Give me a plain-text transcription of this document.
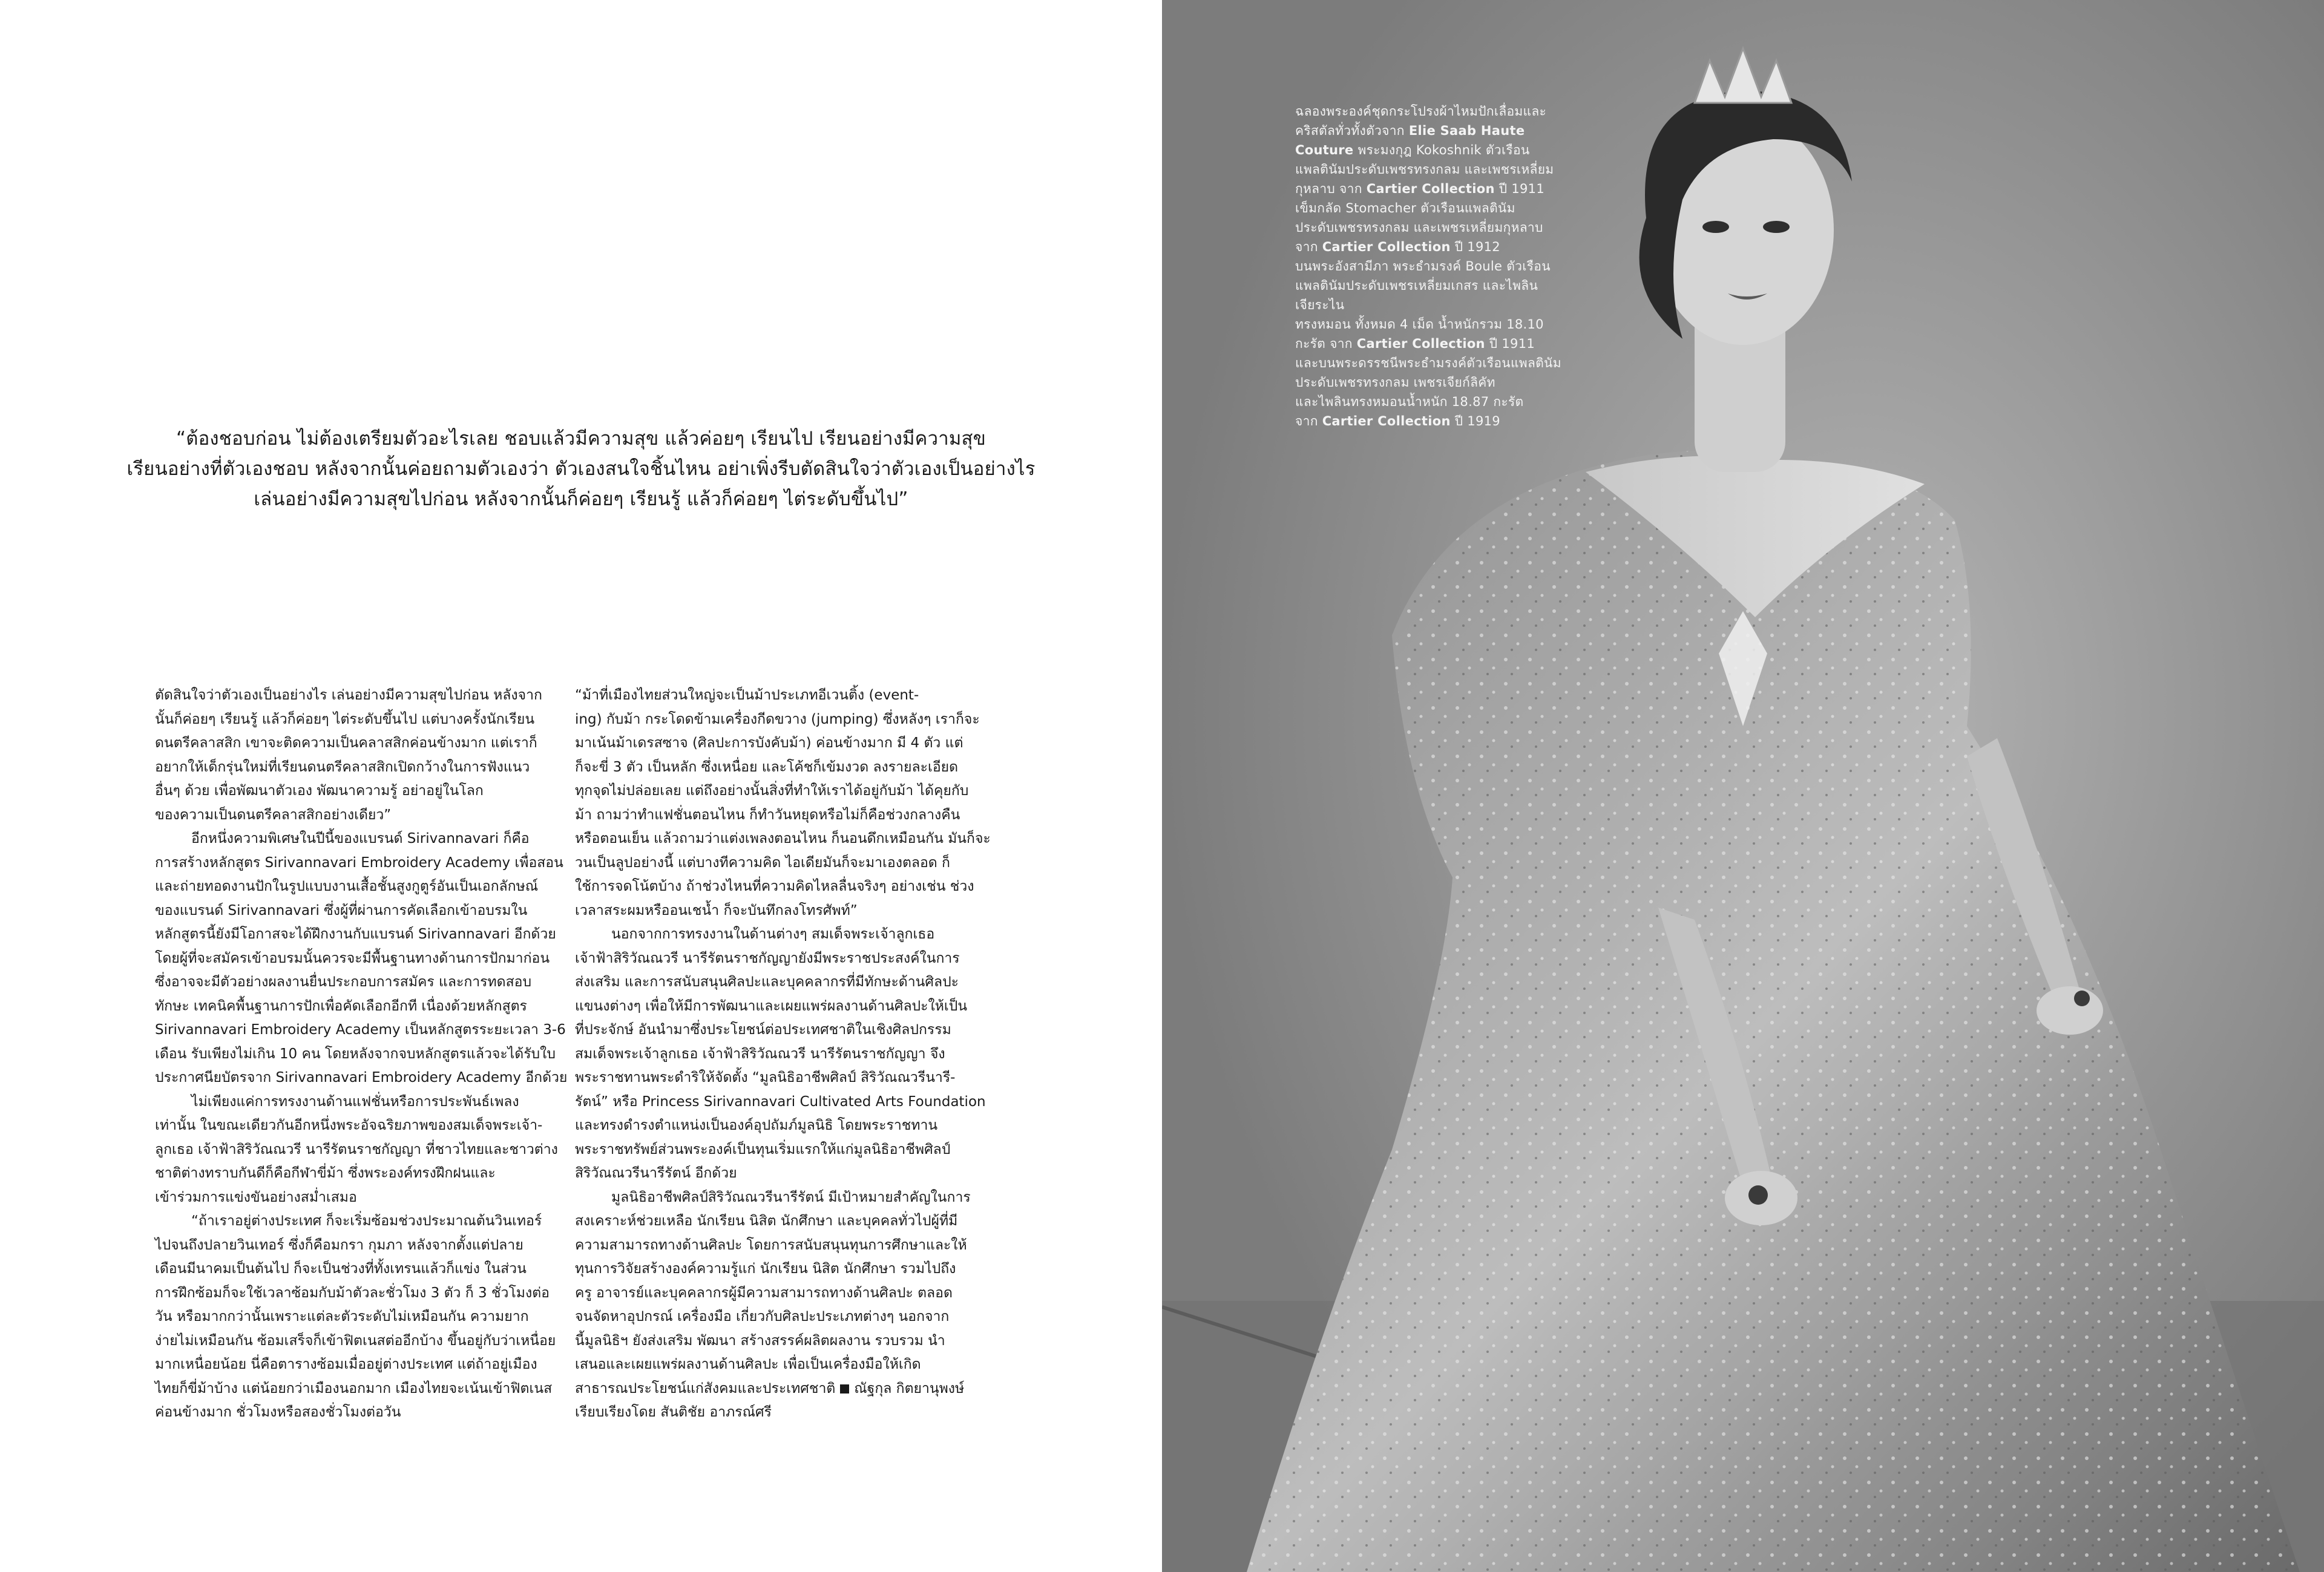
“ต้องชอบก่อน ไม่ต้องเตรียมตัวอะไรเลย ชอบแล้วมีความสุข แล้วค่อยๆ เรียนไป เรียนอย่างมีความสุข
เรียนอย่างที่ตัวเองชอบ หลังจากนั้นค่อยถามตัวเองว่า ตัวเองสนใจชิ้นไหน อย่าเพิ่งรีบตัดสินใจว่าตัวเองเป็นอย่างไร
เล่นอย่างมีความสุขไปก่อน หลังจากนั้นก็ค่อยๆ เรียนรู้ แล้วก็ค่อยๆ ไต่ระดับขึ้นไป”

ตัดสินใจว่าตัวเองเป็นอย่างไร เล่นอย่างมีความสุขไปก่อน หลังจาก
นั้นก็ค่อยๆ เรียนรู้ แล้วก็ค่อยๆ ไต่ระดับขึ้นไป แต่บางครั้งนักเรียน
ดนตรีคลาสสิก เขาจะติดความเป็นคลาสสิกค่อนข้างมาก แต่เราก็
อยากให้เด็กรุ่นใหม่ที่เรียนดนตรีคลาสสิกเปิดกว้างในการฟังแนว
อื่นๆ ด้วย เพื่อพัฒนาตัวเอง พัฒนาความรู้ อย่าอยู่ในโลก
ของความเป็นดนตรีคลาสสิกอย่างเดียว”

อีกหนึ่งความพิเศษในปีนี้ของแบรนด์ Sirivannavari ก็คือ
การสร้างหลักสูตร Sirivannavari Embroidery Academy เพื่อสอน
และถ่ายทอดงานปักในรูปแบบงานเสื้อชั้นสูงกูตูร์อันเป็นเอกลักษณ์
ของแบรนด์ Sirivannavari ซึ่งผู้ที่ผ่านการคัดเลือกเข้าอบรมใน
หลักสูตรนี้ยังมีโอกาสจะได้ฝึกงานกับแบรนด์ Sirivannavari อีกด้วย
โดยผู้ที่จะสมัครเข้าอบรมนั้นควรจะมีพื้นฐานทางด้านการปักมาก่อน
ซึ่งอาจจะมีตัวอย่างผลงานยื่นประกอบการสมัคร และการทดสอบ
ทักษะ เทคนิคพื้นฐานการปักเพื่อคัดเลือกอีกที เนื่องด้วยหลักสูตร
Sirivannavari Embroidery Academy เป็นหลักสูตรระยะเวลา 3-6
เดือน รับเพียงไม่เกิน 10 คน โดยหลังจากจบหลักสูตรแล้วจะได้รับใบ
ประกาศนียบัตรจาก Sirivannavari Embroidery Academy อีกด้วย

ไม่เพียงแค่การทรงงานด้านแฟชั่นหรือการประพันธ์เพลง
เท่านั้น ในขณะเดียวกันอีกหนึ่งพระอัจฉริยภาพของสมเด็จพระเจ้า-
ลูกเธอ เจ้าฟ้าสิริวัณณวรี นารีรัตนราชกัญญา ที่ชาวไทยและชาวต่าง
ชาติต่างทราบกันดีก็คือกีฬาขี่ม้า ซึ่งพระองค์ทรงฝึกฝนและ
เข้าร่วมการแข่งขันอย่างสม่ำเสมอ

“ถ้าเราอยู่ต่างประเทศ ก็จะเริ่มซ้อมช่วงประมาณต้นวินเทอร์
ไปจนถึงปลายวินเทอร์ ซึ่งก็คือมกรา กุมภา หลังจากตั้งแต่ปลาย
เดือนมีนาคมเป็นต้นไป ก็จะเป็นช่วงที่ทั้งเทรนแล้วก็แข่ง ในส่วน
การฝึกซ้อมก็จะใช้เวลาซ้อมกับม้าตัวละชั่วโมง 3 ตัว ก็ 3 ชั่วโมงต่อ
วัน หรือมากกว่านั้นเพราะแต่ละตัวระดับไม่เหมือนกัน ความยาก
ง่ายไม่เหมือนกัน ซ้อมเสร็จก็เข้าฟิตเนสต่ออีกบ้าง ขึ้นอยู่กับว่าเหนื่อย
มากเหนื่อยน้อย นี่คือตารางซ้อมเมื่ออยู่ต่างประเทศ แต่ถ้าอยู่เมือง
ไทยก็ขี่ม้าบ้าง แต่น้อยกว่าเมืองนอกมาก เมืองไทยจะเน้นเข้าฟิตเนส
ค่อนข้างมาก ชั่วโมงหรือสองชั่วโมงต่อวัน

“ม้าที่เมืองไทยส่วนใหญ่จะเป็นม้าประเภทอีเวนติ้ง (event-
ing) กับม้า กระโดดข้ามเครื่องกีดขวาง (jumping) ซึ่งหลังๆ เราก็จะ
มาเน้นม้าเดรสซาจ (ศิลปะการบังคับม้า) ค่อนข้างมาก มี 4 ตัว แต่
ก็จะขี่ 3 ตัว เป็นหลัก ซึ่งเหนื่อย และโค้ชก็เข้มงวด ลงรายละเอียด
ทุกจุดไม่ปล่อยเลย แต่ถึงอย่างนั้นสิ่งที่ทำให้เราได้อยู่กับม้า ได้คุยกับ
ม้า ถามว่าทำแฟชั่นตอนไหน ก็ทำวันหยุดหรือไม่ก็คือช่วงกลางคืน
หรือตอนเย็น แล้วถามว่าแต่งเพลงตอนไหน ก็นอนดึกเหมือนกัน มันก็จะ
วนเป็นลูปอย่างนี้ แต่บางทีความคิด ไอเดียมันก็จะมาเองตลอด ก็
ใช้การจดโน้ตบ้าง ถ้าช่วงไหนที่ความคิดไหลลื่นจริงๆ อย่างเช่น ช่วง
เวลาสระผมหรืออนเชน้ำ ก็จะบันทึกลงโทรศัพท์”

นอกจากการทรงงานในด้านต่างๆ สมเด็จพระเจ้าลูกเธอ
เจ้าฟ้าสิริวัณณวรี นารีรัตนราชกัญญายังมีพระราชประสงค์ในการ
ส่งเสริม และการสนับสนุนศิลปะและบุคคลากรที่มีทักษะด้านศิลปะ
แขนงต่างๆ เพื่อให้มีการพัฒนาและเผยแพร่ผลงานด้านศิลปะให้เป็น
ที่ประจักษ์ อันนำมาซึ่งประโยชน์ต่อประเทศชาติในเชิงศิลปกรรม
สมเด็จพระเจ้าลูกเธอ เจ้าฟ้าสิริวัณณวรี นารีรัตนราชกัญญา จึง
พระราชทานพระดำริให้จัดตั้ง “มูลนิธิอาชีพศิลป์ สิริวัณณวรีนารี-
รัตน์” หรือ Princess Sirivannavari Cultivated Arts Foundation
และทรงดำรงตำแหน่งเป็นองค์อุปถัมภ์มูลนิธิ โดยพระราชทาน
พระราชทรัพย์ส่วนพระองค์เป็นทุนเริ่มแรกให้แก่มูลนิธิอาชีพศิลป์
สิริวัณณวรีนารีรัตน์ อีกด้วย

มูลนิธิอาชีพศิลป์สิริวัณณวรีนารีรัตน์ มีเป้าหมายสำคัญในการ
สงเคราะห์ช่วยเหลือ นักเรียน นิสิต นักศึกษา และบุคคลทั่วไปผู้ที่มี
ความสามารถทางด้านศิลปะ โดยการสนับสนุนทุนการศึกษาและให้
ทุนการวิจัยสร้างองค์ความรู้แก่ นักเรียน นิสิต นักศึกษา รวมไปถึง
ครู อาจารย์และบุคคลากรผู้มีความสามารถทางด้านศิลปะ ตลอด
จนจัดหาอุปกรณ์ เครื่องมือ เกี่ยวกับศิลปะประเภทต่างๆ นอกจาก
นี้มูลนิธิฯ ยังส่งเสริม พัฒนา สร้างสรรค์ผลิตผลงาน รวบรวม นำ
เสนอและเผยแพร่ผลงานด้านศิลปะ เพื่อเป็นเครื่องมือให้เกิด
สาธารณประโยชน์แก่สังคมและประเทศชาติ ณัฐกุล กิตยานุพงษ์

เรียบเรียงโดย สันติชัย อาภรณ์ศรี

ฉลองพระองค์ชุดกระโปรงผ้าไหมปักเลื่อมและ
คริสตัลทั่วทั้งตัวจาก Elie Saab Haute
Couture พระมงกุฎ Kokoshnik ตัวเรือน
แพลตินัมประดับเพชรทรงกลม และเพชรเหลี่ยม
กุหลาบ จาก Cartier Collection ปี 1911
เข็มกลัด Stomacher ตัวเรือนแพลตินัม
ประดับเพชรทรงกลม และเพชรเหลี่ยมกุหลาบ
จาก Cartier Collection ปี 1912
บนพระอังสามีภา พระธำมรงค์ Boule ตัวเรือน
แพลตินัมประดับเพชรเหลี่ยมเกสร และไพลินเจียระไน
ทรงหมอน ทั้งหมด 4 เม็ด น้ำหนักรวม 18.10
กะรัต จาก Cartier Collection ปี 1911
และบนพระดรรชนีพระธำมรงค์ตัวเรือนแพลตินัม
ประดับเพชรทรงกลม เพชรเจียก์ลิคัท
และไพลินทรงหมอนน้ำหนัก 18.87 กะรัต
จาก Cartier Collection ปี 1919
